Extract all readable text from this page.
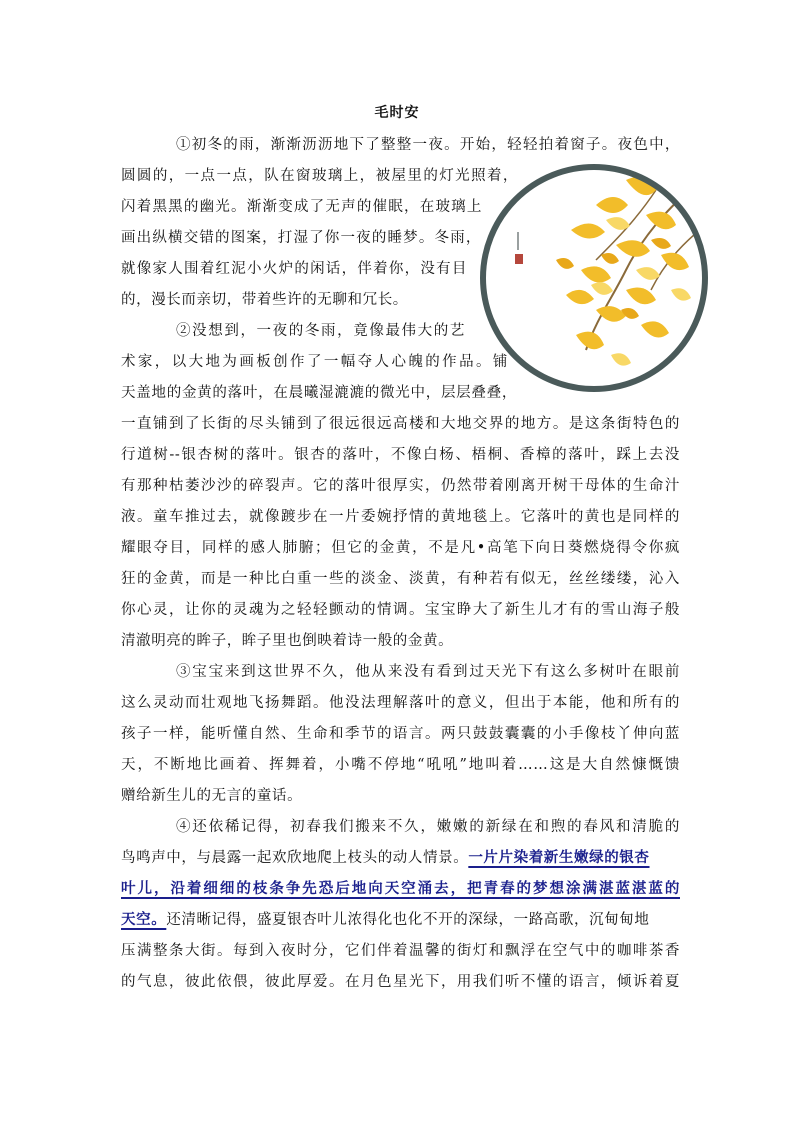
毛时安
①初冬的雨，渐渐沥沥地下了整整一夜。开始，轻轻拍着窗子。夜色中，
圆圆的，一点一点，队在窗玻璃上，被屋里的灯光照着，
闪着黑黑的幽光。渐渐变成了无声的催眠，在玻璃上
画出纵横交错的图案，打湿了你一夜的睡梦。冬雨，
就像家人围着红泥小火炉的闲话，伴着你，没有目
的，漫长而亲切，带着些许的无聊和冗长。
②没想到，一夜的冬雨，竟像最伟大的艺
术家，以大地为画板创作了一幅夺人心魄的作品。铺
天盖地的金黄的落叶，在晨曦湿漉漉的微光中，层层叠叠，
一直铺到了长街的尽头铺到了很远很远高楼和大地交界的地方。是这条街特色的
行道树--银杏树的落叶。银杏的落叶，不像白杨、梧桐、香樟的落叶，踩上去没
有那种枯萎沙沙的碎裂声。它的落叶很厚实，仍然带着刚离开树干母体的生命汁
液。童车推过去，就像踱步在一片委婉抒情的黄地毯上。它落叶的黄也是同样的
耀眼夺目，同样的感人肺腑；但它的金黄，不是凡•高笔下向日葵燃烧得令你疯
狂的金黄，而是一种比白重一些的淡金、淡黄，有种若有似无，丝丝缕缕，沁入
你心灵，让你的灵魂为之轻轻颤动的情调。宝宝睁大了新生儿才有的雪山海子般
清澈明亮的眸子，眸子里也倒映着诗一般的金黄。
③宝宝来到这世界不久，他从来没有看到过天光下有这么多树叶在眼前
这么灵动而壮观地飞扬舞蹈。他没法理解落叶的意义，但出于本能，他和所有的
孩子一样，能听懂自然、生命和季节的语言。两只鼓鼓囊囊的小手像枝丫伸向蓝
天，不断地比画着、挥舞着，小嘴不停地“吼吼”地叫着……这是大自然慷慨馈
赠给新生儿的无言的童话。
④还依稀记得，初春我们搬来不久，嫩嫩的新绿在和煦的春风和清脆的
鸟鸣声中，与晨露一起欢欣地爬上枝头的动人情景。一片片染着新生嫩绿的银杏
叶儿，沿着细细的枝条争先恐后地向天空涌去，把青春的梦想涂满湛蓝湛蓝的
天空。还清晰记得，盛夏银杏叶儿浓得化也化不开的深绿，一路高歌，沉甸甸地
压满整条大街。每到入夜时分，它们伴着温馨的街灯和飘浮在空气中的咖啡茶香
的气息，彼此依偎，彼此厚爱。在月色星光下，用我们听不懂的语言，倾诉着夏
